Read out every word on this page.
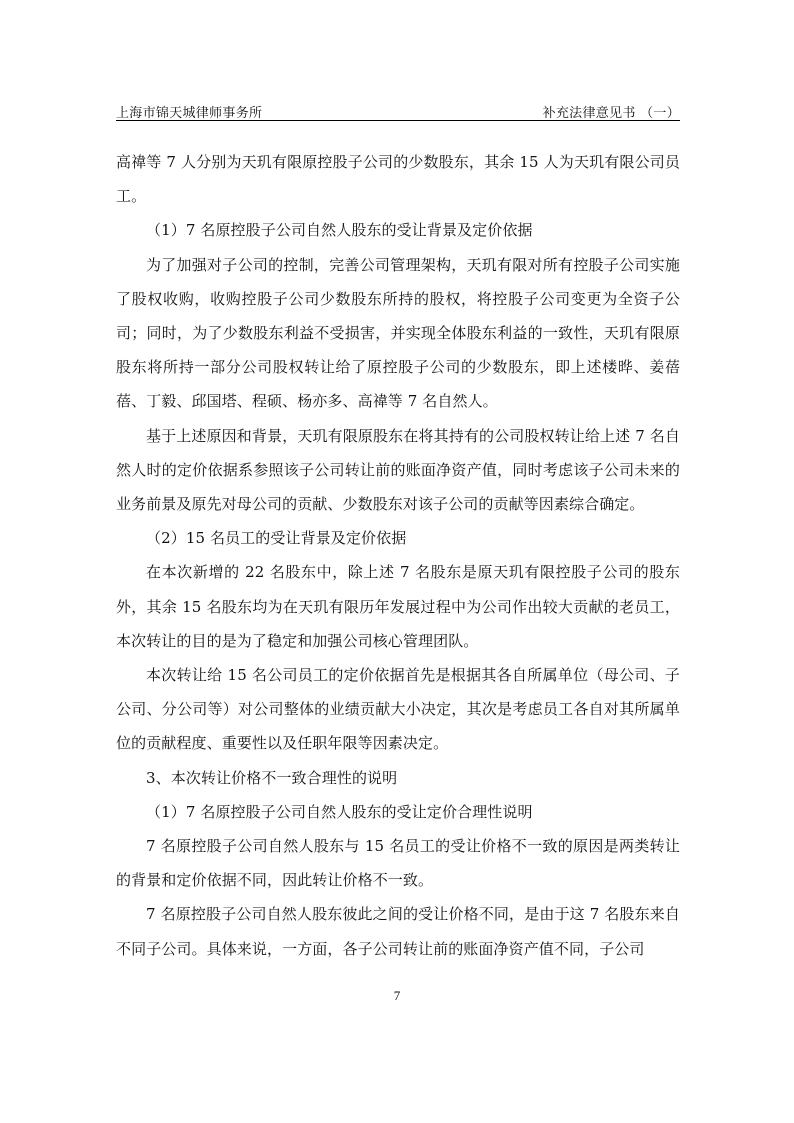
上海市锦天城律师事务所	补充法律意见书 （一）

高禕等 7 人分别为天玑有限原控股子公司的少数股东，其余 15 人为天玑有限公司员工。

（1）7 名原控股子公司自然人股东的受让背景及定价依据

为了加强对子公司的控制，完善公司管理架构，天玑有限对所有控股子公司实施了股权收购，收购控股子公司少数股东所持的股权，将控股子公司变更为全资子公司；同时，为了少数股东利益不受损害，并实现全体股东利益的一致性，天玑有限原股东将所持一部分公司股权转让给了原控股子公司的少数股东，即上述楼晔、姜蓓蓓、丁毅、邱国塔、程硕、杨亦多、高禕等 7 名自然人。

基于上述原因和背景，天玑有限原股东在将其持有的公司股权转让给上述 7 名自然人时的定价依据系参照该子公司转让前的账面净资产值，同时考虑该子公司未来的业务前景及原先对母公司的贡献、少数股东对该子公司的贡献等因素综合确定。

（2）15 名员工的受让背景及定价依据

在本次新增的 22 名股东中，除上述 7 名股东是原天玑有限控股子公司的股东外，其余 15 名股东均为在天玑有限历年发展过程中为公司作出较大贡献的老员工，本次转让的目的是为了稳定和加强公司核心管理团队。

本次转让给 15 名公司员工的定价依据首先是根据其各自所属单位（母公司、子公司、分公司等）对公司整体的业绩贡献大小决定，其次是考虑员工各自对其所属单位的贡献程度、重要性以及任职年限等因素决定。

3、本次转让价格不一致合理性的说明

（1）7 名原控股子公司自然人股东的受让定价合理性说明

7 名原控股子公司自然人股东与 15 名员工的受让价格不一致的原因是两类转让的背景和定价依据不同，因此转让价格不一致。

7 名原控股子公司自然人股东彼此之间的受让价格不同，是由于这 7 名股东来自不同子公司。具体来说，一方面，各子公司转让前的账面净资产值不同，子公司

7
